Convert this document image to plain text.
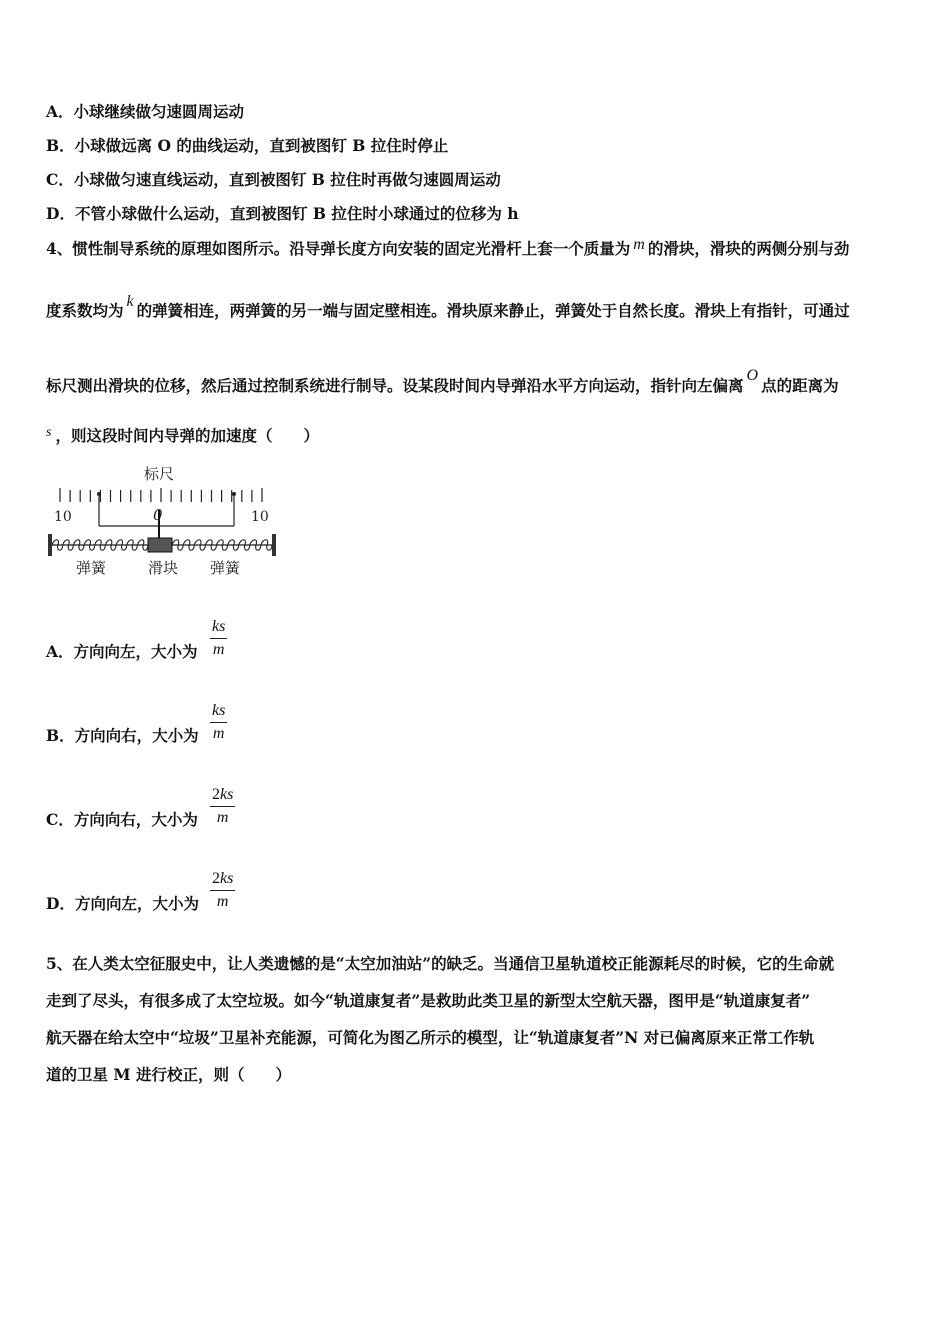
A．小球继续做匀速圆周运动
B．小球做远离 O 的曲线运动，直到被图钉 B 拉住时停止
C．小球做匀速直线运动，直到被图钉 B 拉住时再做匀速圆周运动
D．不管小球做什么运动，直到被图钉 B 拉住时小球通过的位移为 h
4、惯性制导系统的原理如图所示。沿导弹长度方向安装的固定光滑杆上套一个质量为 m 的滑块，滑块的两侧分别与劲
度系数均为 k 的弹簧相连，两弹簧的另一端与固定壁相连。滑块原来静止，弹簧处于自然长度。滑块上有指针，可通过
标尺测出滑块的位移，然后通过控制系统进行制导。设某段时间内导弹沿水平方向运动，指针向左偏离O点的距离为
s ，则这段时间内导弹的加速度（　　）
标尺
10	0	10
弹簧	滑块 弹簧
A．方向向左，大小为 $\frac{ks}{m}$
B．方向向右，大小为 $\frac{ks}{m}$
C．方向向右，大小为 $\frac{2ks}{m}$
D．方向向左，大小为 $\frac{2ks}{m}$
5、在人类太空征服史中，让人类遗憾的是“太空加油站”的缺乏。当通信卫星轨道校正能源耗尽的时候，它的生命就
走到了尽头，有很多成了太空垃圾。如今“轨道康复者”是救助此类卫星的新型太空航天器，图甲是“轨道康复者”
航天器在给太空中“垃圾”卫星补充能源，可简化为图乙所示的模型，让“轨道康复者”N 对已偏离原来正常工作轨
道的卫星 M 进行校正，则（　　）
